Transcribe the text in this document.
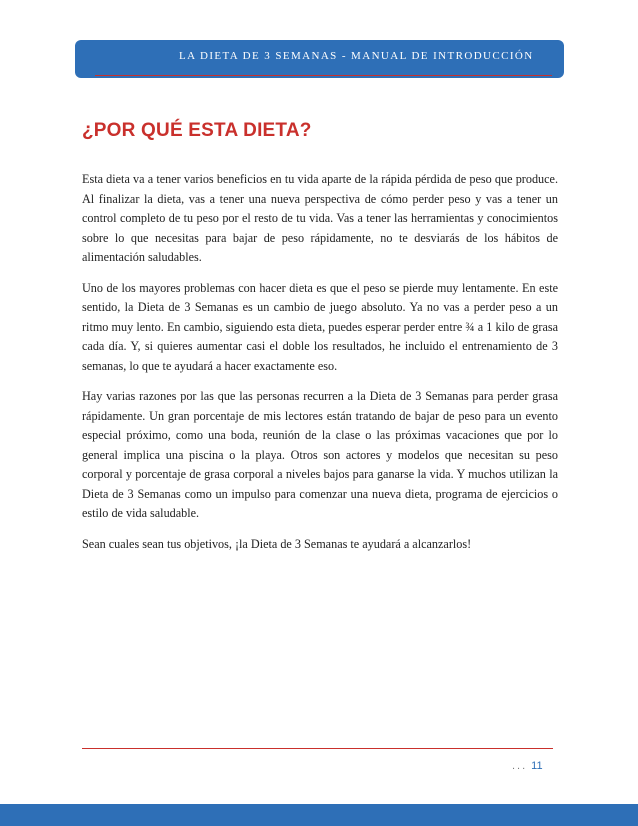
LA DIETA DE 3 SEMANAS - MANUAL DE INTRODUCCIÓN
¿POR QUÉ ESTA DIETA?

Esta dieta va a tener varios beneficios en tu vida aparte de la rápida pérdida de peso que produce. Al finalizar la dieta, vas a tener una nueva perspectiva de cómo perder peso y vas a tener un control completo de tu peso por el resto de tu vida. Vas a tener las herramientas y conocimientos sobre lo que necesitas para bajar de peso rápidamente, no te desviarás de los hábitos de alimentación saludables.

Uno de los mayores problemas con hacer dieta es que el peso se pierde muy lentamente. En este sentido, la Dieta de 3 Semanas es un cambio de juego absoluto. Ya no vas a perder peso a un ritmo muy lento. En cambio, siguiendo esta dieta, puedes esperar perder entre ¾ a 1 kilo de grasa cada día. Y, si quieres aumentar casi el doble los resultados, he incluido el entrenamiento de 3 semanas, lo que te ayudará a hacer exactamente eso.

Hay varias razones por las que las personas recurren a la Dieta de 3 Semanas para perder grasa rápidamente. Un gran porcentaje de mis lectores están tratando de bajar de peso para un evento especial próximo, como una boda, reunión de la clase o las próximas vacaciones que por lo general implica una piscina o la playa. Otros son actores y modelos que necesitan su peso corporal y porcentaje de grasa corporal a niveles bajos para ganarse la vida. Y muchos utilizan la Dieta de 3 Semanas como un impulso para comenzar una nueva dieta, programa de ejercicios o estilo de vida saludable.

Sean cuales sean tus objetivos, ¡la Dieta de 3 Semanas te ayudará a alcanzarlos!

... 11
